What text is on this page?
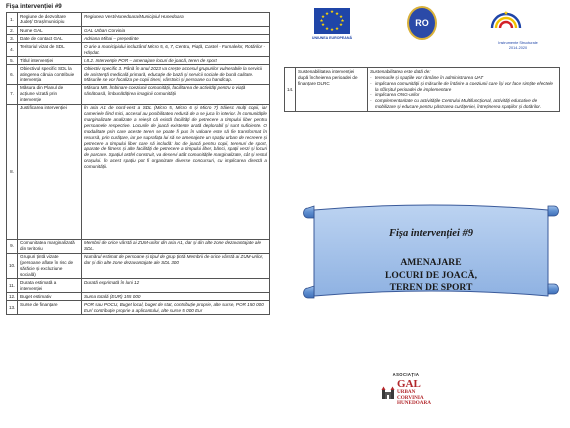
Fișa intervenției #9
1.	Regiune de dezvoltare Județ/ Oraș/municipiu	Regiunea Vest/Hunedoara/Municipiul Hunedoara
2.	Nume GAL	GAL Urban Corvinia
3.	Date de contact GAL	Adriana Mihai – președinte
4.	Teritoriul vizat de SDL	O arie a municipiului incluzând Micro 5, 6, 7, Centru, Piață, Castel - Furnalelor, Rotărilor - Hășdat.
5.	Titlul intervenției	I.8.2. Intervenție POR – amenajare locuri de joacă, teren de sport
6.	Obiectivul specific SDL la atingerea căruia contribuie intervenția	Obiectiv specific 3. Până în anul 2023 va crește accesul grupurilor vulnerabile la servicii de asistență medicală primară, educație de bază și servicii sociale de bună calitate. Măsurile se vor focaliza pe copii tineri, vârstnici și persoane cu handicap.
7.	Măsura din Planul de acțiune vizată prin intervenție	Măsura M8. Îmbinare coeziunii comunității, facilitarea de activități pentru o viață sănătoasă, îmbunătățirea imaginii comunității
8.	Justificarea intervenției	În aria A1 de nord-vest a SDL (Micro 5, Micro 6 și Micro 7) trăiesc mulți copii, iar cameriele fiind mici, accesul au posibilitateo redusă de a se juca în interior. În comunitățile marginalizate analizate a reieșit că există facilități de petrecere a timpului liber pentru persoanele respective. Locurile de joacă existente arată deplorabil și sunt suficiente. O modalitate prin care aceste teren se poate fi pus în valoare este să fie transformat în resursă, prin curățare, iar pe suprafața lui să se amenajeze un spațiu urban de recreere și petrecere a timpului liber care să includă: loc de joacă pentru copii, terenuri de sport, aparate de fitness și alte facilități de petrecere a timpului liber, bănci, spații verzi și locuri de parcare. Spațiul astfel construit, va deservi atât comunitățile marginalizate, cât și restul orașului. În acest spațiu pot fi organizate diverse concursuri, cu implicarea directă a comunității.
9.	Comunitatea marginalizată din teritoriu	Membrii de orice vârstă ai ZUM-urilor din aria A1, dar și din alte zone dezavantajate ale SDL.
10.	Grupuri țintă vizate (persoane aflate în risc de sărăcie și excluziune socială)	Numărul estimat de persoane și tipul de grup țintă Membrii de orice vârstă ai ZUM-urilor, dar și din alte zone dezavantajate ale SDL 300
11.	Durata estimată a intervenției	Durată exprimată în luni 12
12.	Buget estimativ	Suma totală (EUR) 155 000
13.	Surse de finanțare	POR sau POCU, Buget local, buget de stat, contribuție proprie, alte surse, POR 150 000 Eur/ contribuție proprie a aplicantului, alte surse 5 000 Eur
★ ★
★
★
★
★
★
★
★
★
★
★
UNIUNEA EUROPEANĂ
RO
★
Instrumente Structurale
2014-2020
14.	Sustenabilitatea intervenției după încheierea perioadei de finanțare DLRC	
Sustenabilitatea este dată de:
- terenurile și spațiile vor rămâne în administrarea UAT
- implicarea comunității și măsurile de întărire a coeziunii care își vor face simțite efectele la sfârșitul perioadei de implementare
- implicarea ONG-urilor
- complementaritate cu activitățile Centrului Multifuncțional, activități educative de mobilizare și educare pentru păstrarea curățeniei, întreținerea spațiilor și dotărilor.
Fișa intervenției #9
AMENAJARE
LOCURI DE JOACĂ,
TEREN DE SPORT
ASOCIAȚIA
GAL
URBAN
CORVINIA
HUNEDOARA
